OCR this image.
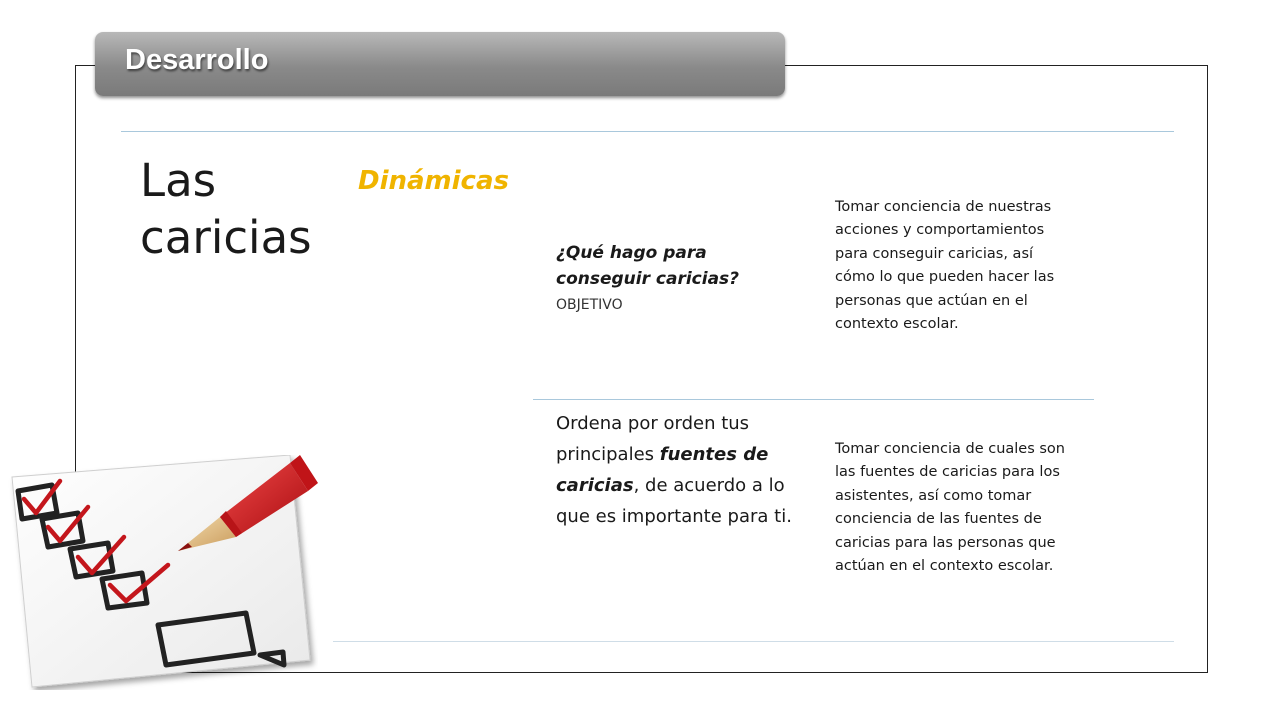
Desarrollo
Las
caricias
Dinámicas
¿Qué hago para conseguir caricias?
OBJETIVO
Tomar conciencia de nuestras acciones y comportamientos para conseguir caricias, así cómo lo que pueden hacer las personas que actúan en el contexto escolar.
Ordena por orden tus principales fuentes de caricias, de acuerdo a lo que es importante para ti.
Tomar conciencia de cuales son las fuentes de caricias para los asistentes, así como tomar conciencia de las fuentes de caricias para las personas que actúan en el contexto escolar.
